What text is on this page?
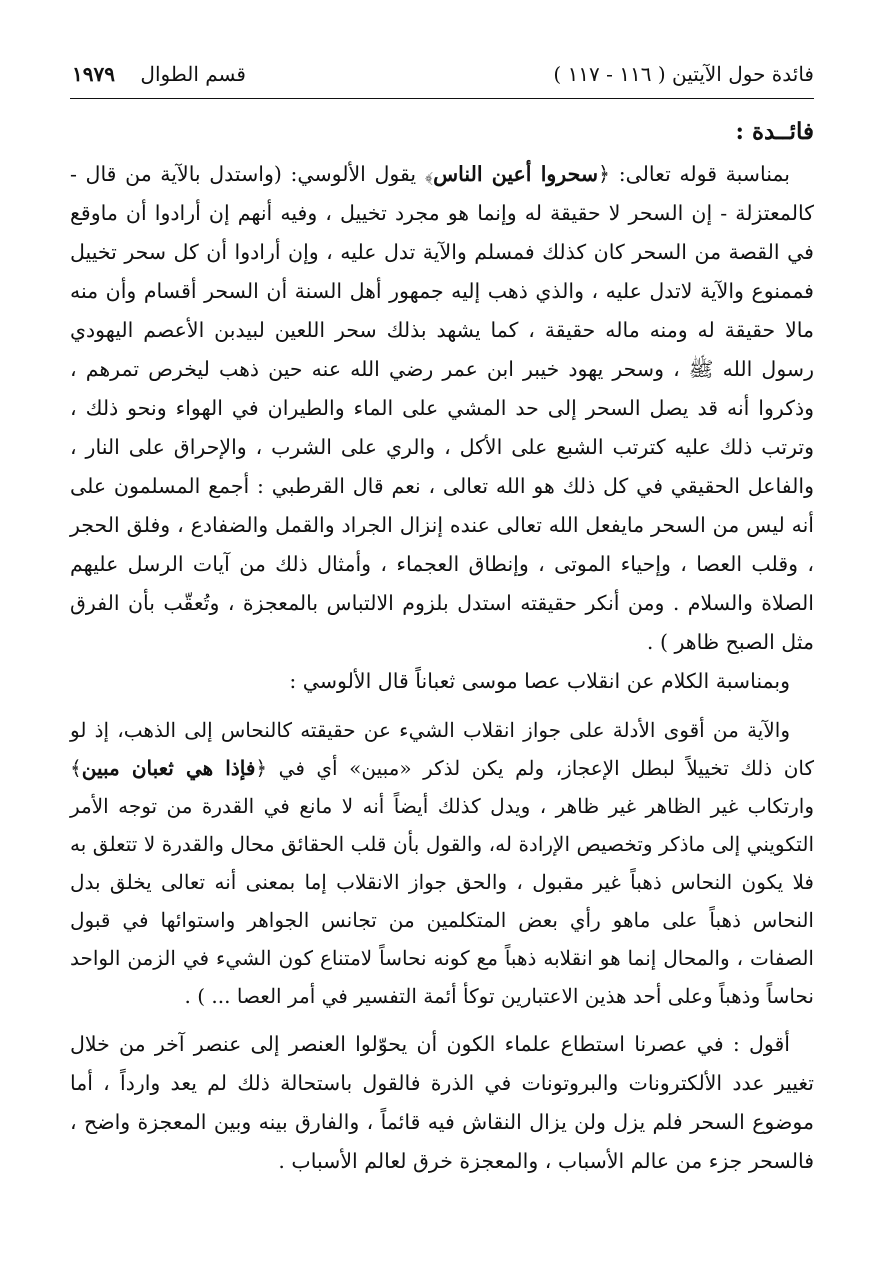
فائدة حول الآيتين ( ١١٦ - ١١٧ )
قسم الطوال    ١٩٧٩

فائــدة :

بمناسبة قوله تعالى: ﴿ سحروا أعين الناس ﴾ يقول الألوسي: (واستدل بالآية من قال - كالمعتزلة - إن السحر لا حقيقة له وإنما هو مجرد تخييل ، وفيه أنهم إن أرادوا أن ماوقع في القصة من السحر كان كذلك فمسلم والآية تدل عليه ، وإن أرادوا أن كل سحر تخييل فممنوع والآية لاتدل عليه ، والذي ذهب إليه جمهور أهل السنة أن السحر أقسام وأن منه مالا حقيقة له ومنه ماله حقيقة ، كما يشهد بذلك سحر اللعين لبيدبن الأعصم اليهودي رسول الله ﷺ ، وسحر يهود خيبر ابن عمر رضي الله عنه حين ذهب ليخرص تمرهم ، وذكروا أنه قد يصل السحر إلى حد المشي على الماء والطيران في الهواء ونحو ذلك ، وترتب ذلك عليه كترتب الشبع على الأكل ، والري على الشرب ، والإحراق على النار ، والفاعل الحقيقي في كل ذلك هو الله تعالى ، نعم قال القرطبي : أجمع المسلمون على أنه ليس من السحر مايفعل الله تعالى عنده إنزال الجراد والقمل والضفادع ، وفلق الحجر ، وقلب العصا ، وإحياء الموتى ، وإنطاق العجماء ، وأمثال ذلك من آيات الرسل عليهم الصلاة والسلام . ومن أنكر حقيقته استدل بلزوم الالتباس بالمعجزة ، وتُعقّب بأن الفرق مثل الصبح ظاهر ) .

وبمناسبة الكلام عن انقلاب عصا موسى ثعباناً قال الألوسي :

والآية من أقوى الأدلة على جواز انقلاب الشيء عن حقيقته كالنحاس إلى الذهب، إذ لو كان ذلك تخييلاً لبطل الإعجاز، ولم يكن لذكر «مبين» أي في ﴿ فإذا هي ثعبان مبين ﴾ وارتكاب غير الظاهر غير ظاهر ، ويدل كذلك أيضاً أنه لا مانع في القدرة من توجه الأمر التكويني إلى ماذكر وتخصيص الإرادة له، والقول بأن قلب الحقائق محال والقدرة لا تتعلق به فلا يكون النحاس ذهباً غير مقبول ، والحق جواز الانقلاب إما بمعنى أنه تعالى يخلق بدل النحاس ذهباً على ماهو رأي بعض المتكلمين من تجانس الجواهر واستوائها في قبول الصفات ، والمحال إنما هو انقلابه ذهباً مع كونه نحاساً لامتناع كون الشيء في الزمن الواحد نحاساً وذهباً وعلى أحد هذين الاعتبارين توكأ أئمة التفسير في أمر العصا ... ) .

أقول : في عصرنا استطاع علماء الكون أن يحوّلوا العنصر إلى عنصر آخر من خلال تغيير عدد الألكترونات والبروتونات في الذرة فالقول باستحالة ذلك لم يعد وارداً ، أما موضوع السحر فلم يزل ولن يزال النقاش فيه قائماً ، والفارق بينه وبين المعجزة واضح ، فالسحر جزء من عالم الأسباب ، والمعجزة خرق لعالم الأسباب .
